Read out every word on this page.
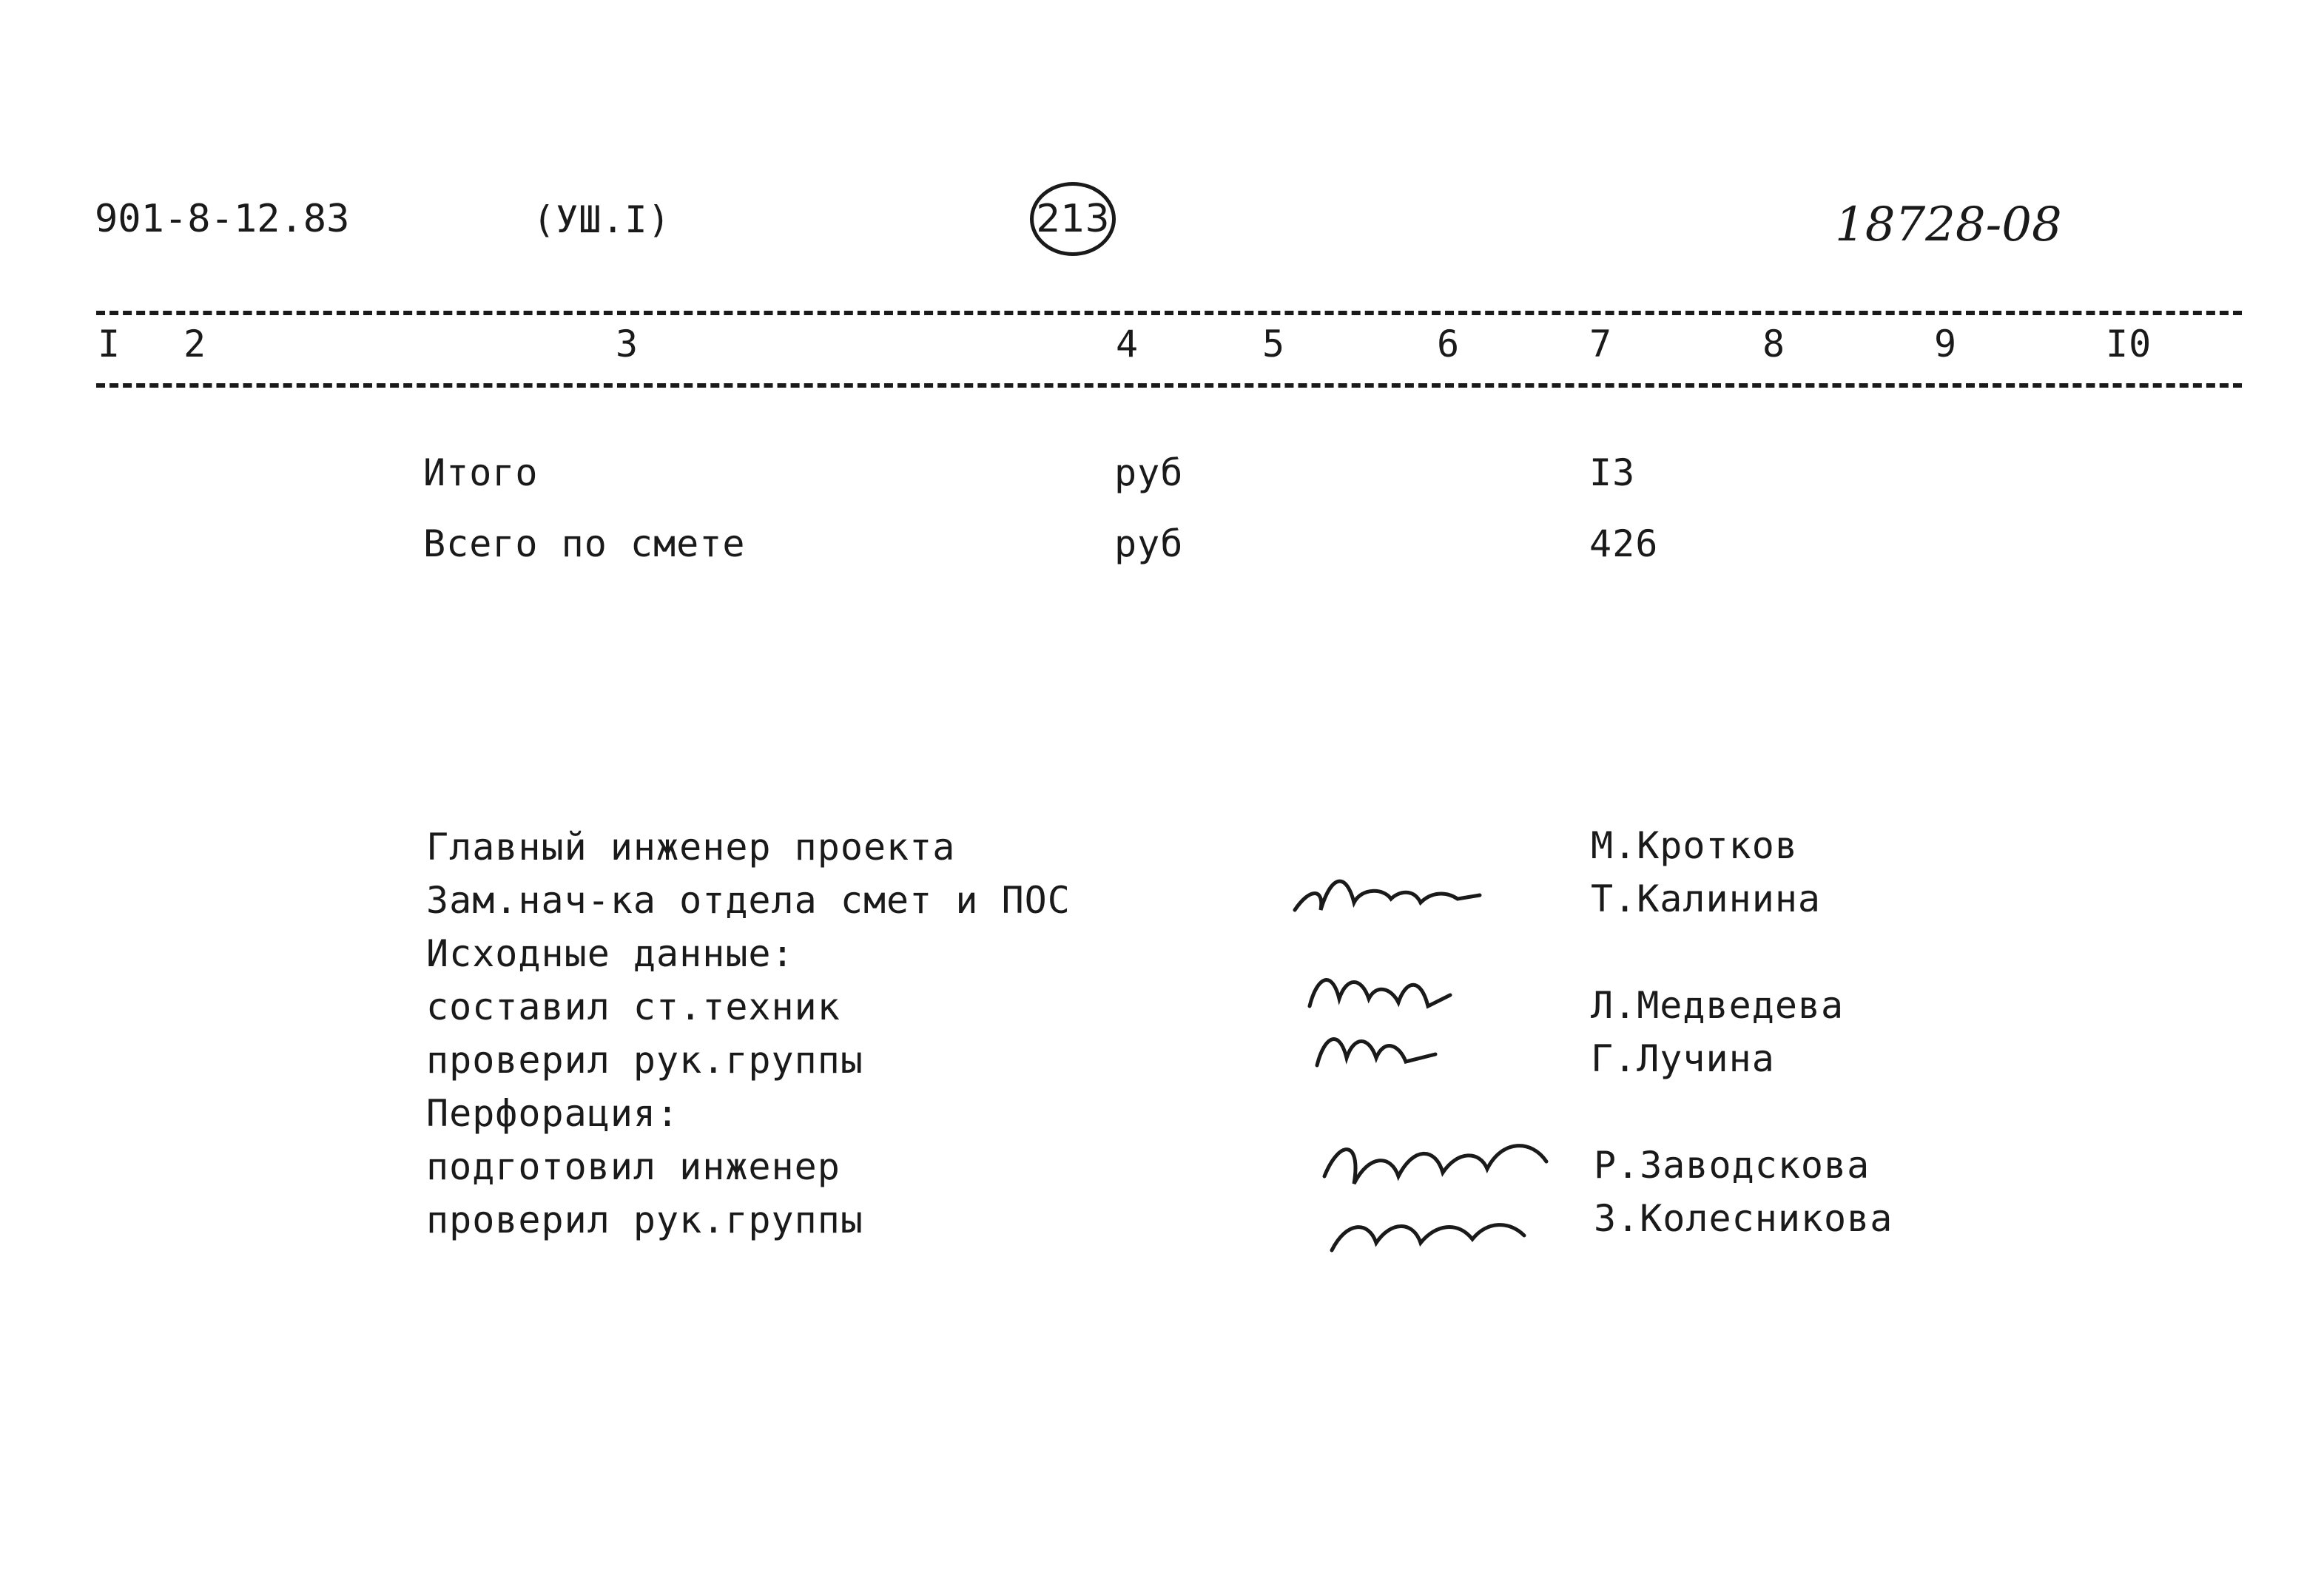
901-8-12.83	(УШ.I)	213	18728-08
I 2	3	4	5	6	7	8	9	I0
Итого	руб	I3
Всего по смете	руб	426
Главный инженер проекта	М.Кротков
Зам.нач-ка отдела смет и ПОС	Т.Калинина
Исходные данные:
составил ст.техник	Л.Медведева
проверил рук.группы	Г.Лучина
Перфорация:
подготовил инженер	Р.Заводскова
проверил рук.группы	З.Колесникова
